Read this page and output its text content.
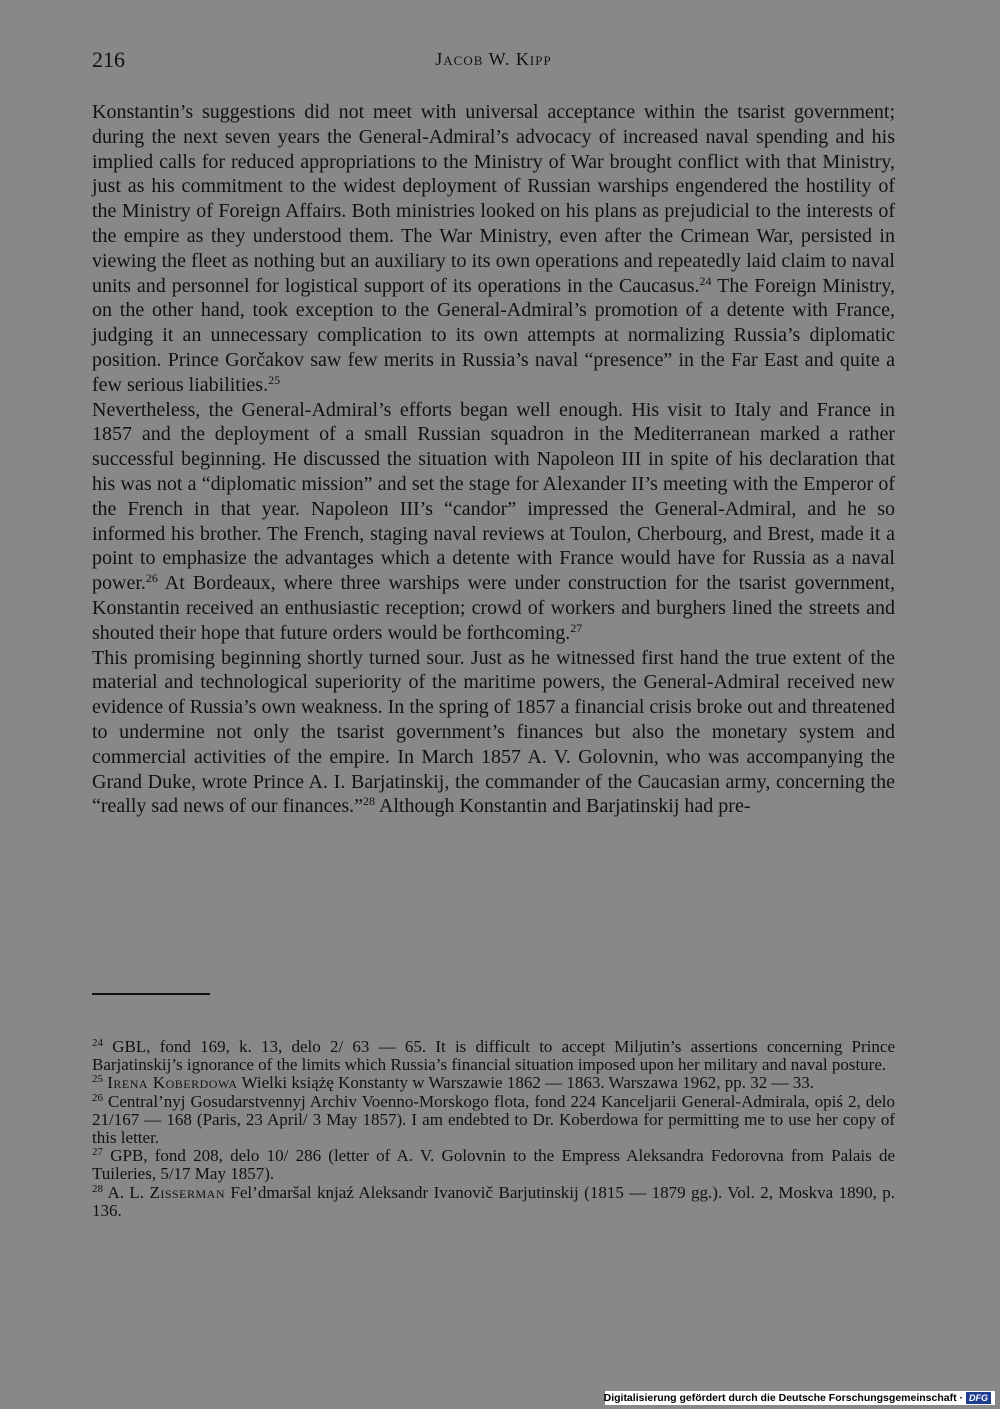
216	Jacob W. Kipp

Konstantin’s suggestions did not meet with universal acceptance within the tsarist government; during the next seven years the General-Admiral’s advocacy of increased naval spending and his implied calls for reduced appropriations to the Ministry of War brought conflict with that Ministry, just as his commitment to the widest deployment of Russian warships engendered the hostility of the Ministry of Foreign Affairs. Both ministries looked on his plans as prejudicial to the interests of the empire as they understood them. The War Ministry, even after the Crimean War, persisted in viewing the fleet as nothing but an auxiliary to its own operations and repeatedly laid claim to naval units and personnel for logistical support of its operations in the Caucasus.$^{24}$ The Foreign Ministry, on the other hand, took exception to the General-Admiral’s promotion of a detente with France, judging it an unnecessary complication to its own attempts at normalizing Russia’s diplomatic position. Prince Gorčakov saw few merits in Russia’s naval “presence” in the Far East and quite a few serious liabilities.$^{25}$

Nevertheless, the General-Admiral’s efforts began well enough. His visit to Italy and France in 1857 and the deployment of a small Russian squadron in the Mediterranean marked a rather successful beginning. He discussed the situation with Napoleon III in spite of his declaration that his was not a “diplomatic mission” and set the stage for Alexander II’s meeting with the Emperor of the French in that year. Napoleon III’s “candor” impressed the General-Admiral, and he so informed his brother. The French, staging naval reviews at Toulon, Cherbourg, and Brest, made it a point to emphasize the advantages which a detente with France would have for Russia as a naval power.$^{26}$ At Bordeaux, where three warships were under construction for the tsarist government, Konstantin received an enthusiastic reception; crowd of workers and burghers lined the streets and shouted their hope that future orders would be forthcoming.$^{27}$

This promising beginning shortly turned sour. Just as he witnessed first hand the true extent of the material and technological superiority of the maritime powers, the General-Admiral received new evidence of Russia’s own weakness. In the spring of 1857 a financial crisis broke out and threatened to undermine not only the tsarist government’s finances but also the monetary system and commercial activities of the empire. In March 1857 A. V. Golovnin, who was accompanying the Grand Duke, wrote Prince A. I. Barjatinskij, the commander of the Caucasian army, concerning the “really sad news of our finances.”$^{28}$ Although Konstantin and Barjatinskij had pre-

$^{24}$ GBL, fond 169, k. 13, delo 2/ 63 — 65. It is difficult to accept Miljutin’s assertions concerning Prince Barjatinskij’s ignorance of the limits which Russia’s financial situation imposed upon her military and naval posture.

$^{25}$ Irena Koberdowa Wielki książę Konstanty w Warszawie 1862 — 1863. Warszawa 1962, pp. 32 — 33.

$^{26}$ Central’nyj Gosudarstvennyj Archiv Voenno-Morskogo flota, fond 224 Kanceljarii General-Admirala, opiś 2, delo 21/167 — 168 (Paris, 23 April/ 3 May 1857). I am endebted to Dr. Koberdowa for permitting me to use her copy of this letter.

$^{27}$ GPB, fond 208, delo 10/ 286 (letter of A. V. Golovnin to the Empress Aleksandra Fedorovna from Palais de Tuileries, 5/17 May 1857).

$^{28}$ A. L. Zisserman Fel’dmaršal knjaź Aleksandr Ivanovič Barjutinskij (1815 — 1879 gg.). Vol. 2, Moskva 1890, p. 136.

Digitalisierung gefördert durch die Deutsche Forschungsgemeinschaft · DFG
